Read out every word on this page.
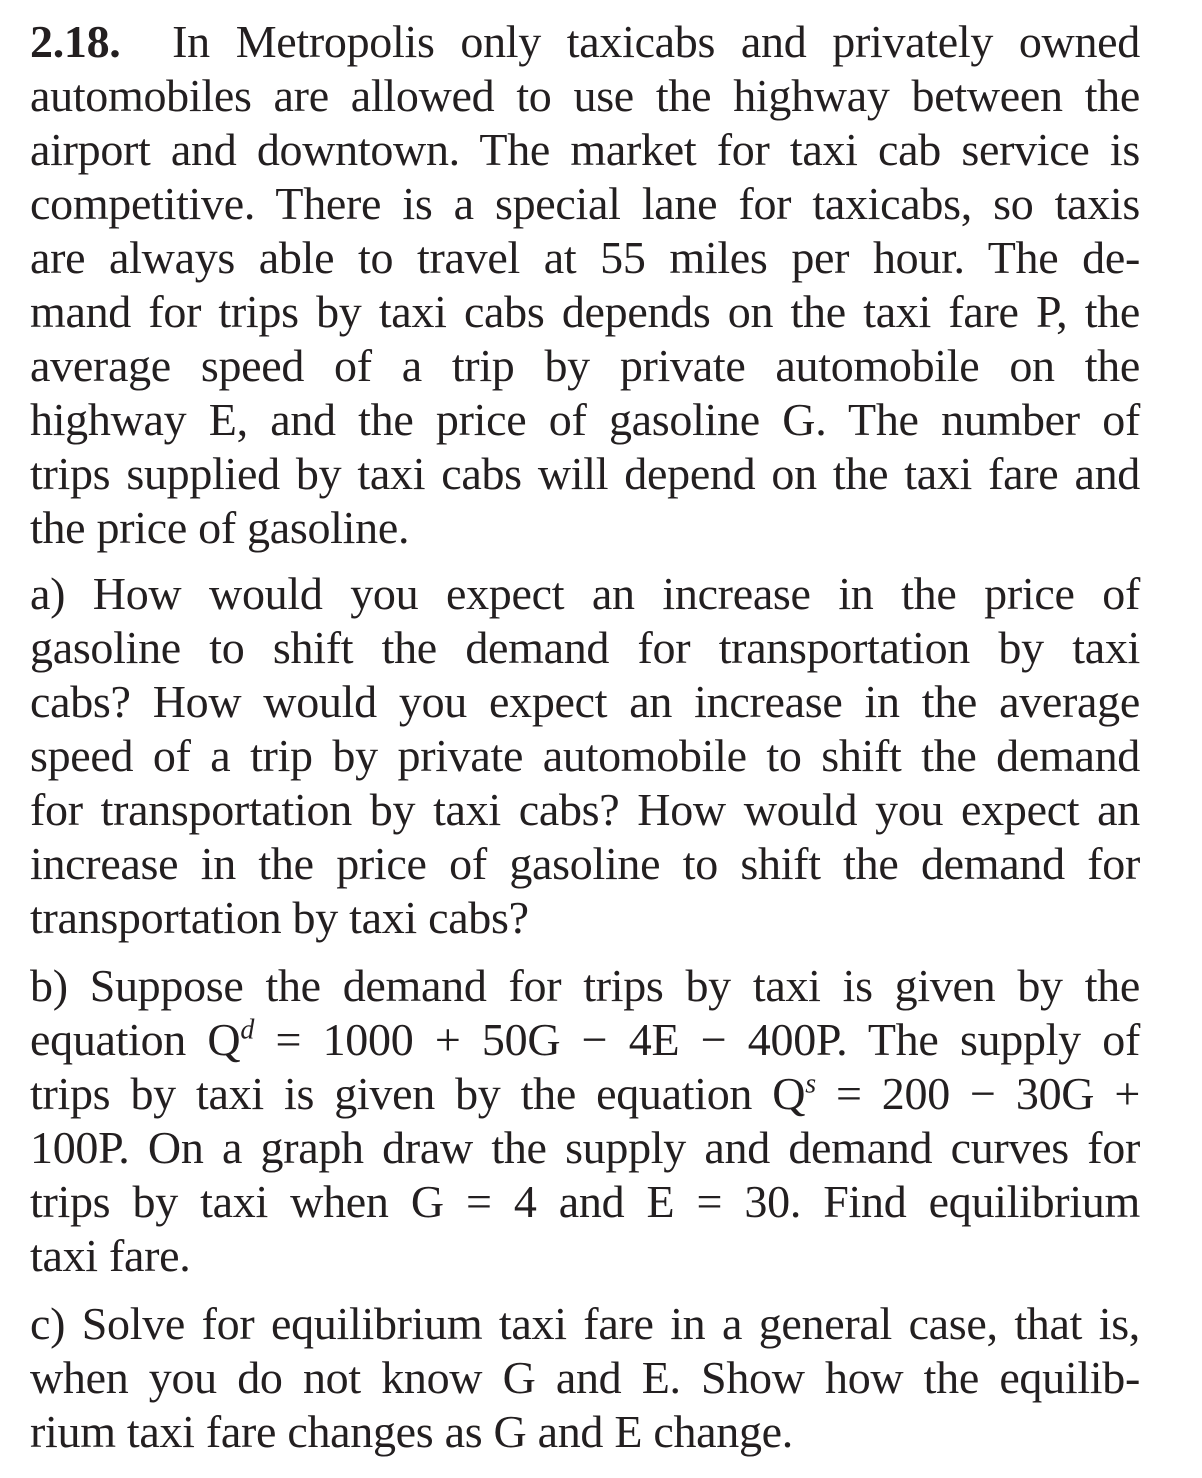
2.18. In Metropolis only taxicabs and privately owned
automobiles are allowed to use the highway between the
airport and downtown. The market for taxi cab service is
competitive. There is a special lane for taxicabs, so taxis
are always able to travel at 55 miles per hour. The de-
mand for trips by taxi cabs depends on the taxi fare P, the
average speed of a trip by private automobile on the
highway E, and the price of gasoline G. The number of
trips supplied by taxi cabs will depend on the taxi fare and
the price of gasoline.
a) How would you expect an increase in the price of
gasoline to shift the demand for transportation by taxi
cabs? How would you expect an increase in the average
speed of a trip by private automobile to shift the demand
for transportation by taxi cabs? How would you expect an
increase in the price of gasoline to shift the demand for
transportation by taxi cabs?
b) Suppose the demand for trips by taxi is given by the
equation $Q^d = 1000 + 50G - 4E - 400P$. The supply of
trips by taxi is given by the equation $Q^s = 200 - 30G$ +
100P. On a graph draw the supply and demand curves for
trips by taxi when G = 4 and E = 30. Find equilibrium
taxi fare.
c) Solve for equilibrium taxi fare in a general case, that is,
when you do not know G and E. Show how the equilib-
rium taxi fare changes as G and E change.
